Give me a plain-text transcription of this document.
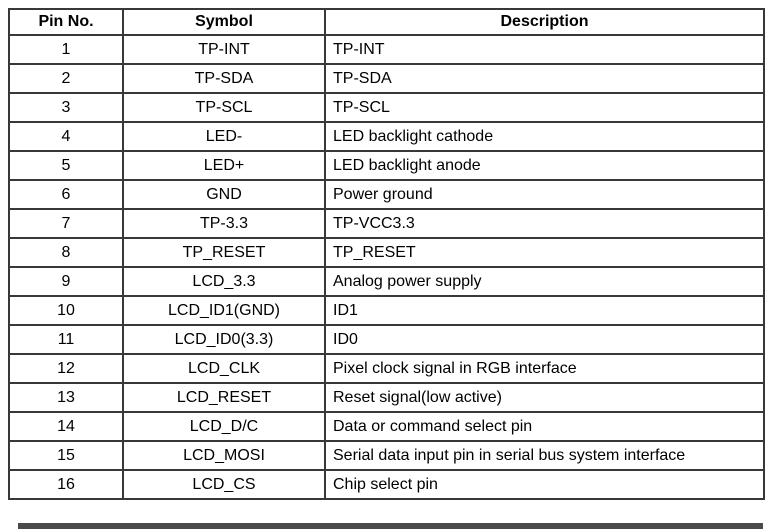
Pin No.	Symbol	Description
1	TP-INT	TP-INT
2	TP-SDA	TP-SDA
3	TP-SCL	TP-SCL
4	LED-	LED backlight cathode
5	LED+	LED backlight anode
6	GND	Power ground
7	TP-3.3	TP-VCC3.3
8	TP_RESET	TP_RESET
9	LCD_3.3	Analog power supply
10	LCD_ID1(GND)	ID1
11	LCD_ID0(3.3)	ID0
12	LCD_CLK	Pixel clock signal in RGB interface
13	LCD_RESET	Reset signal(low active)
14	LCD_D/C	Data or command select pin
15	LCD_MOSI	Serial data input pin in serial bus system interface
16	LCD_CS	Chip select pin
